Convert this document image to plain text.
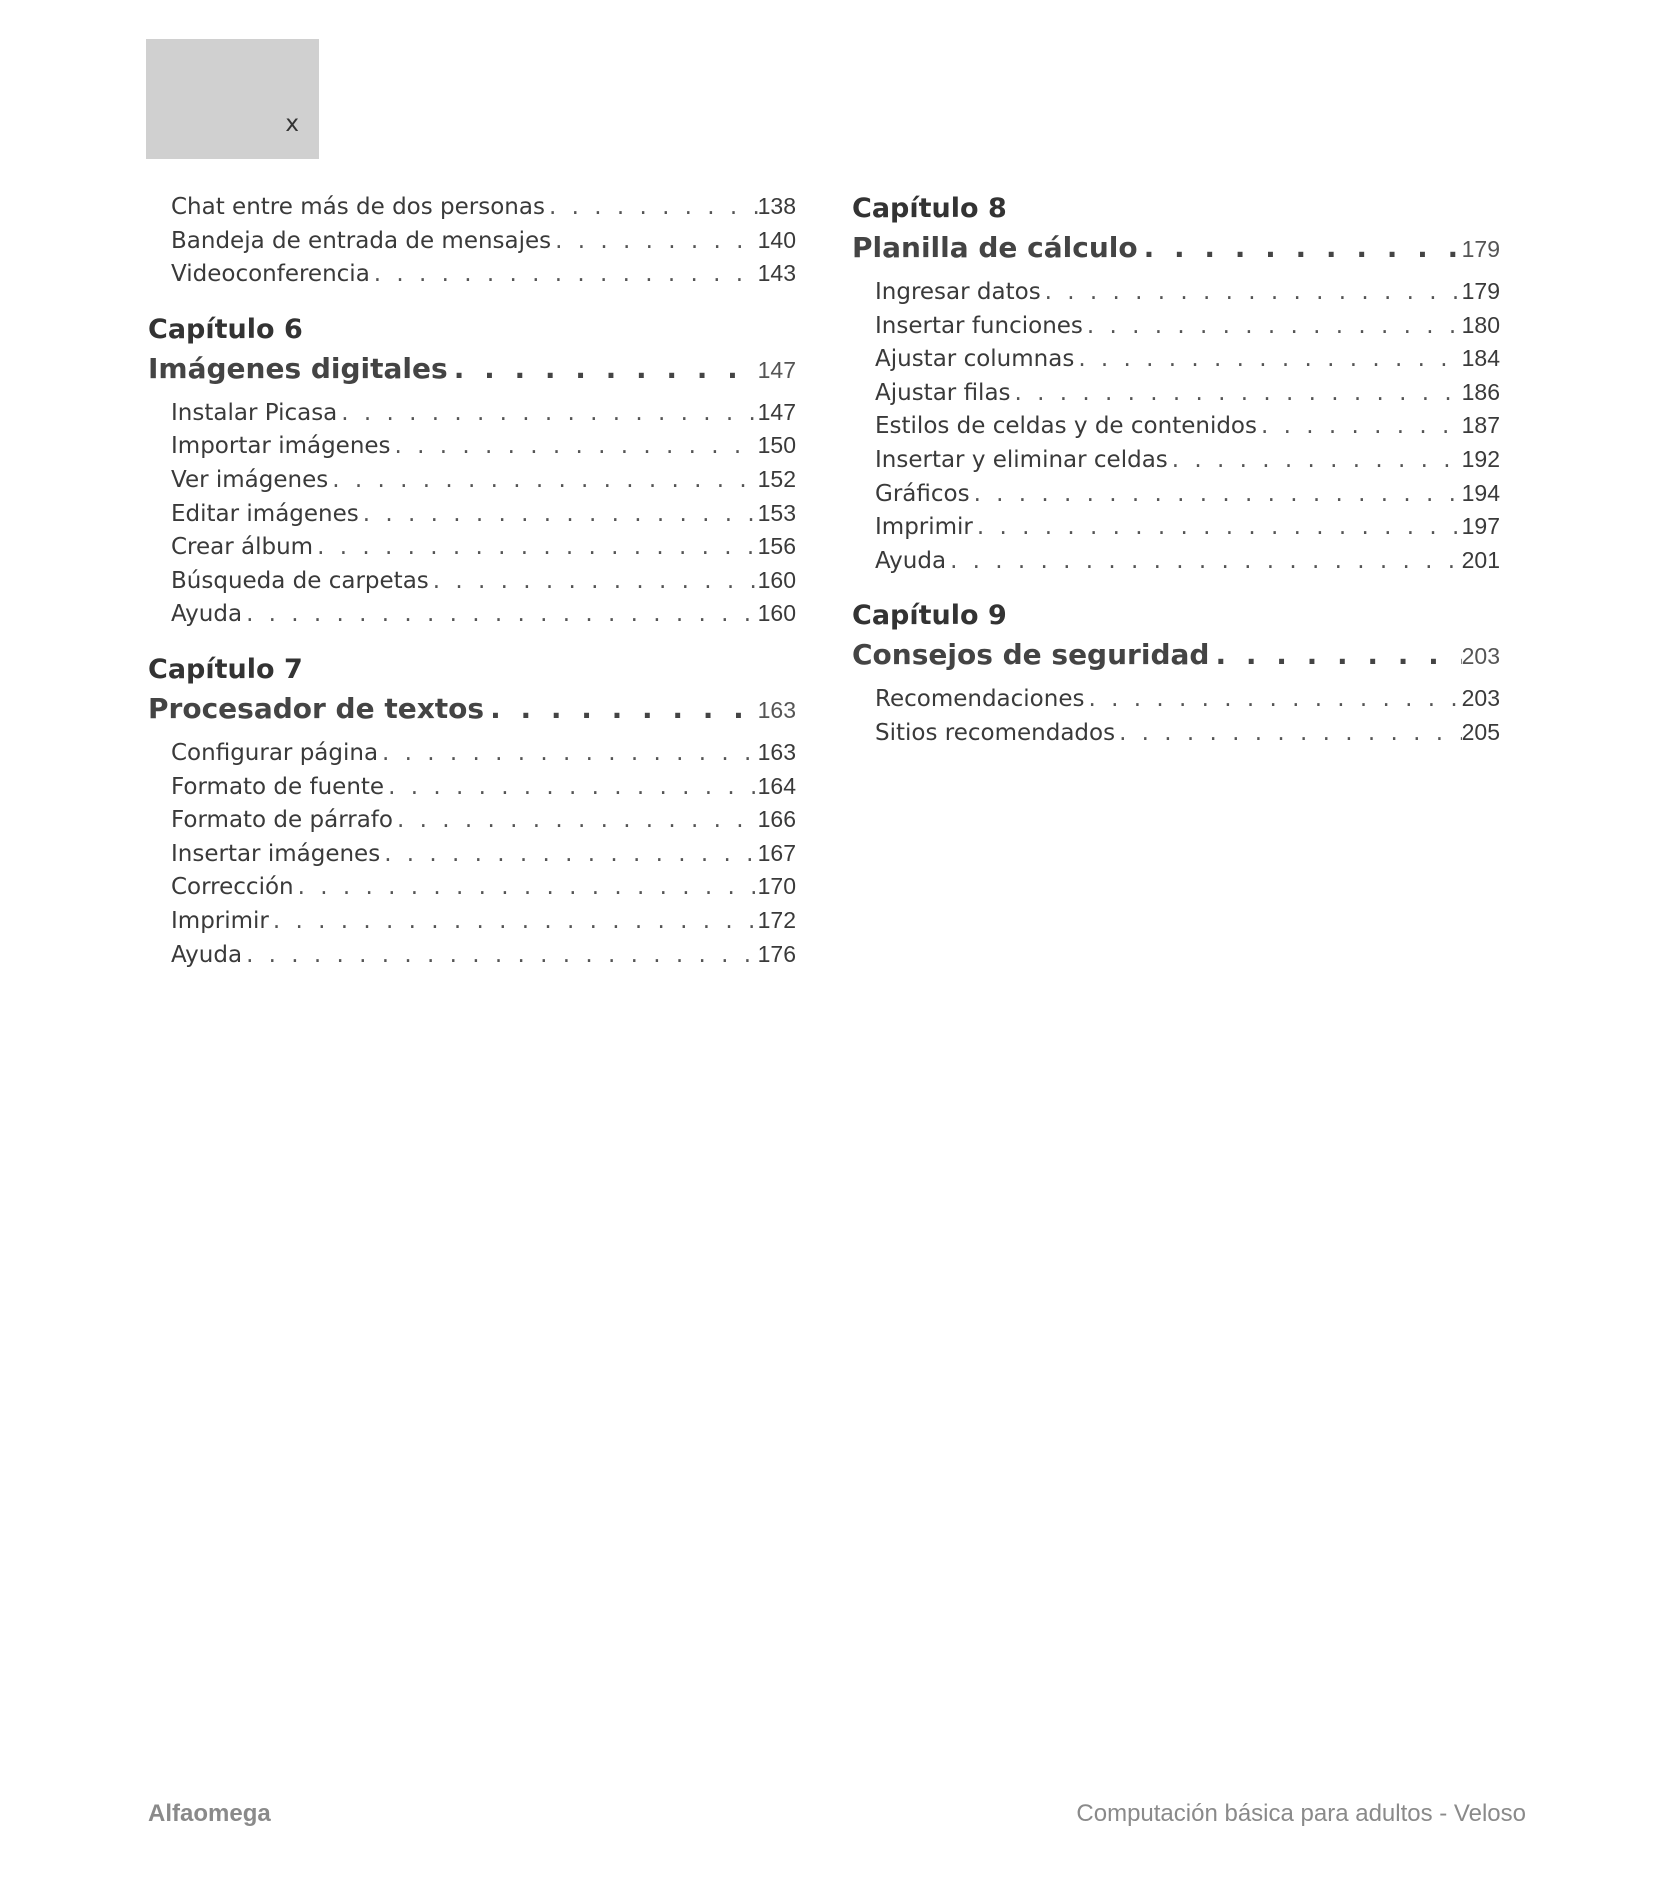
x
Chat entre más de dos personas . . .	138
Bandeja de entrada de mensajes . . .	140
Videoconferencia . . .	143
Capítulo 6
Imágenes digitales . . .	147
Instalar Picasa . . .	147
Importar imágenes . . .	150
Ver imágenes . . .	152
Editar imágenes . . .	153
Crear álbum . . .	156
Búsqueda de carpetas . . .	160
Ayuda . . .	160
Capítulo 7
Procesador de textos . . .	163
Configurar página . . .	163
Formato de fuente . . .	164
Formato de párrafo . . .	166
Insertar imágenes . . .	167
Corrección . . .	170
Imprimir . . .	172
Ayuda . . .	176
Capítulo 8
Planilla de cálculo . . .	179
Ingresar datos . . .	179
Insertar funciones . . .	180
Ajustar columnas . . .	184
Ajustar filas . . .	186
Estilos de celdas y de contenidos . . .	187
Insertar y eliminar celdas . . .	192
Gráficos . . .	194
Imprimir . . .	197
Ayuda . . .	201
Capítulo 9
Consejos de seguridad . . .	203
Recomendaciones . . .	203
Sitios recomendados . . .	205
Alfaomega	Computación básica para adultos - Veloso
